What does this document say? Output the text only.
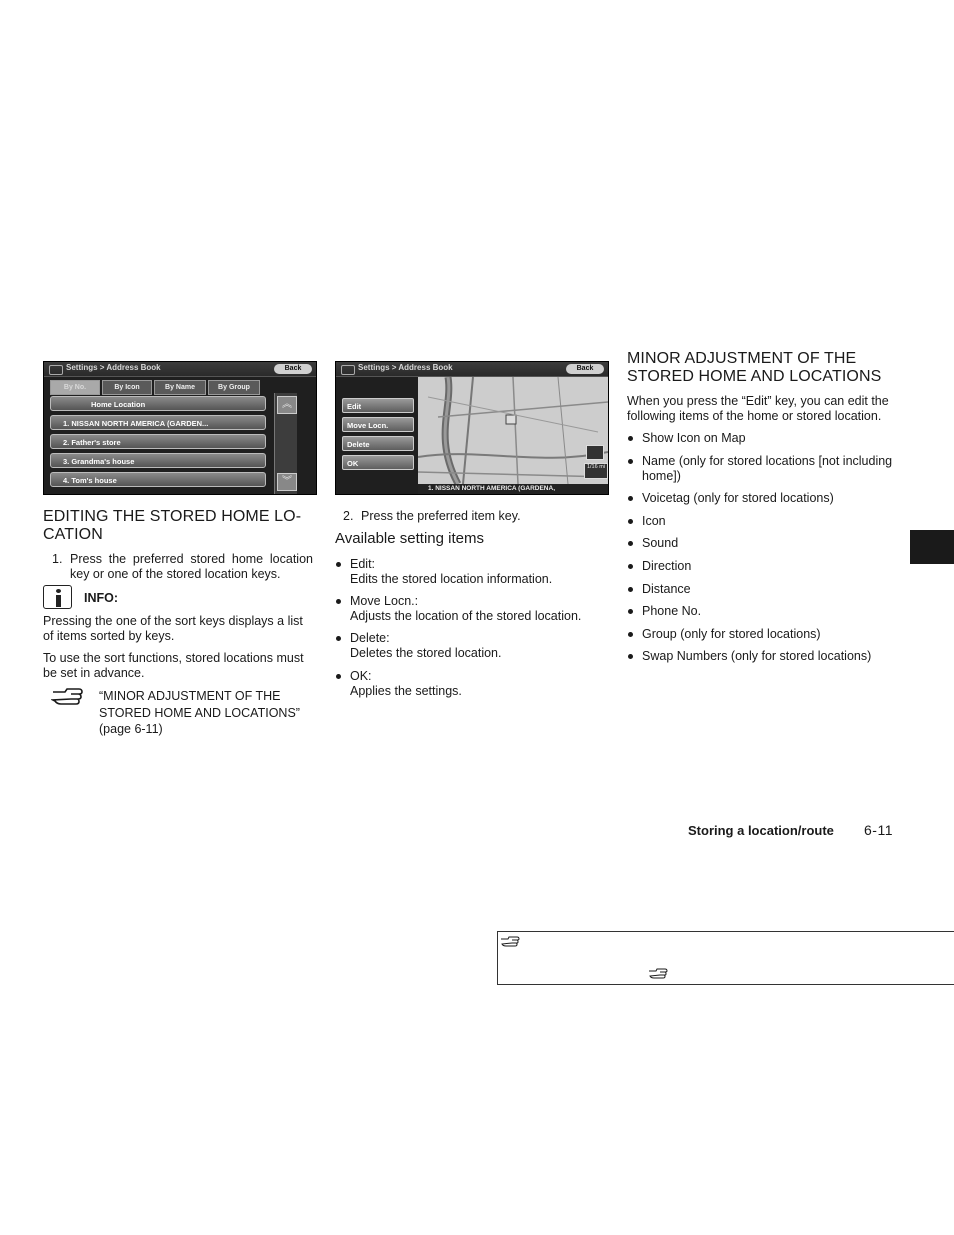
Settings > Address Book	Back
By No.	By Icon	By Name	By Group
Home Location
1. NISSAN NORTH AMERICA (GARDEN...
2. Father's store
3. Grandma's house
4. Tom's house
︽
︾
Settings > Address Book	Back
Edit
Move Locn.
Delete
OK	1/16 mi
1. NISSAN NORTH AMERICA (GARDENA,
EDITING THE STORED HOME LO-
CATION
1. Press the preferred stored home location key or one of the stored location keys.
INFO:
Pressing the one of the sort keys displays a list of items sorted by keys.
To use the sort functions, stored locations must be set in advance.
“MINOR ADJUSTMENT OF THE STORED HOME AND LOCATIONS” (page 6-11)
2. Press the preferred item key.
Available setting items
Edit:
Edits the stored location information.
Move Locn.:
Adjusts the location of the stored location.
Delete:
Deletes the stored location.
OK:
Applies the settings.
MINOR ADJUSTMENT OF THE
STORED HOME AND LOCATIONS
When you press the “Edit” key, you can edit the following items of the home or stored location.
Show Icon on Map
Name (only for stored locations [not including home])
Voicetag (only for stored locations)
Icon
Sound
Direction
Distance
Phone No.
Group (only for stored locations)
Swap Numbers (only for stored locations)
Storing a location/route 6-11
